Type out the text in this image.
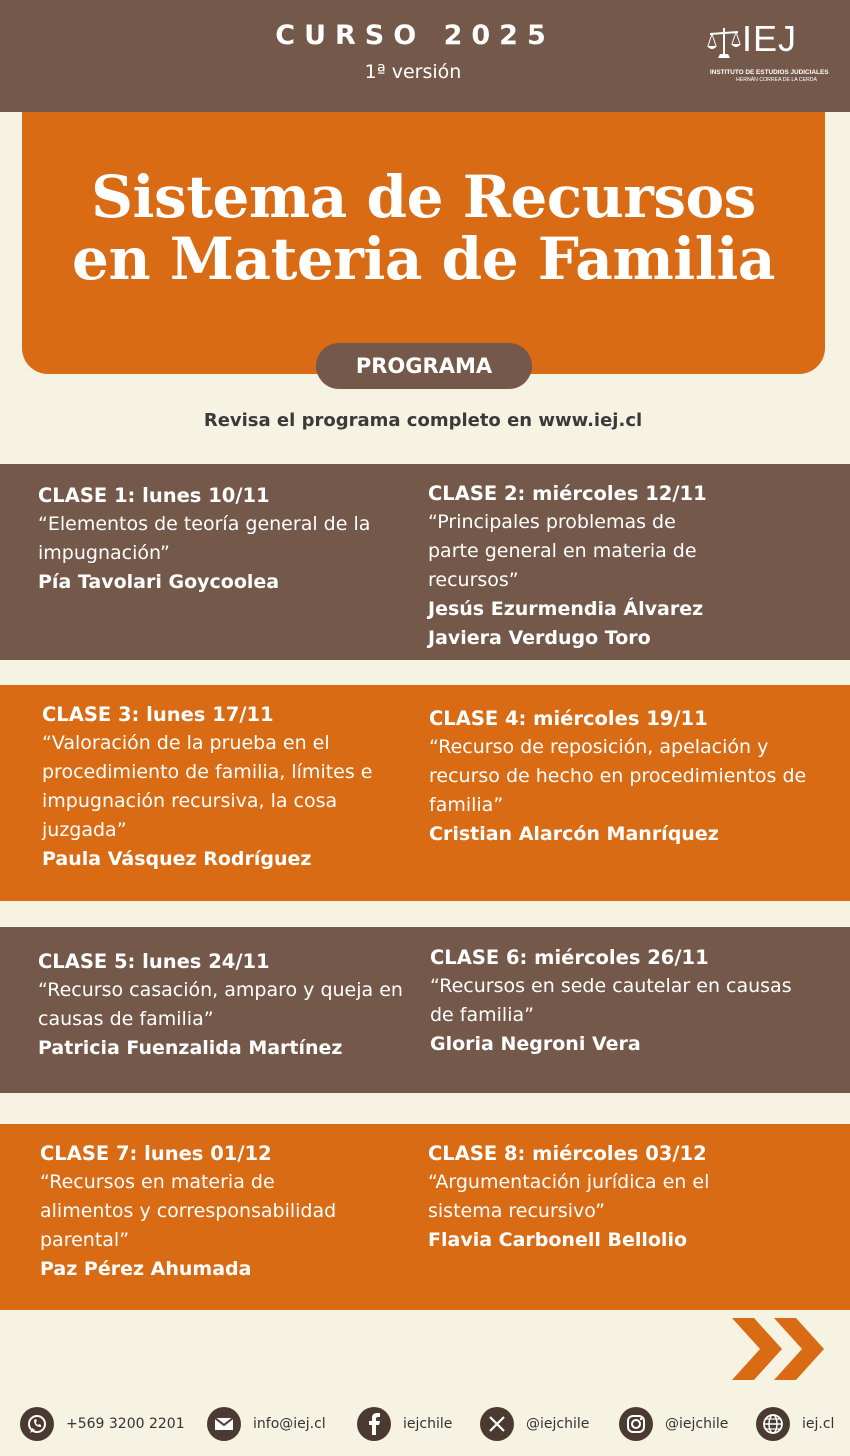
CURSO 2025
1ª versión
IEJ
INSTITUTO DE ESTUDIOS JUDICIALES
HERNÁN CORREA DE LA CERDA
Sistema de Recursos
en Materia de Familia
PROGRAMA
Revisa el programa completo en www.iej.cl
CLASE 1: lunes 10/11
“Elementos de teoría general de la impugnación”
Pía Tavolari Goycoolea
CLASE 2: miércoles 12/11
“Principales problemas de parte general en materia de recursos”
Jesús Ezurmendia Álvarez
Javiera Verdugo Toro
CLASE 3: lunes 17/11
“Valoración de la prueba en el procedimiento de familia, límites e impugnación recursiva, la cosa juzgada”
Paula Vásquez Rodríguez
CLASE 4: miércoles 19/11
“Recurso de reposición, apelación y recurso de hecho en procedimientos de familia”
Cristian Alarcón Manríquez
CLASE 5: lunes 24/11
“Recurso casación, amparo y queja en causas de familia”
Patricia Fuenzalida Martínez
CLASE 6: miércoles 26/11
“Recursos en sede cautelar en causas de familia”
Gloria Negroni Vera
CLASE 7: lunes 01/12
“Recursos en materia de alimentos y corresponsabilidad parental”
Paz Pérez Ahumada
CLASE 8: miércoles 03/12
“Argumentación jurídica en el sistema recursivo”
Flavia Carbonell Bellolio
+569 3200 2201	info@iej.cl	iejchile	@iejchile	@iejchile	iej.cl
